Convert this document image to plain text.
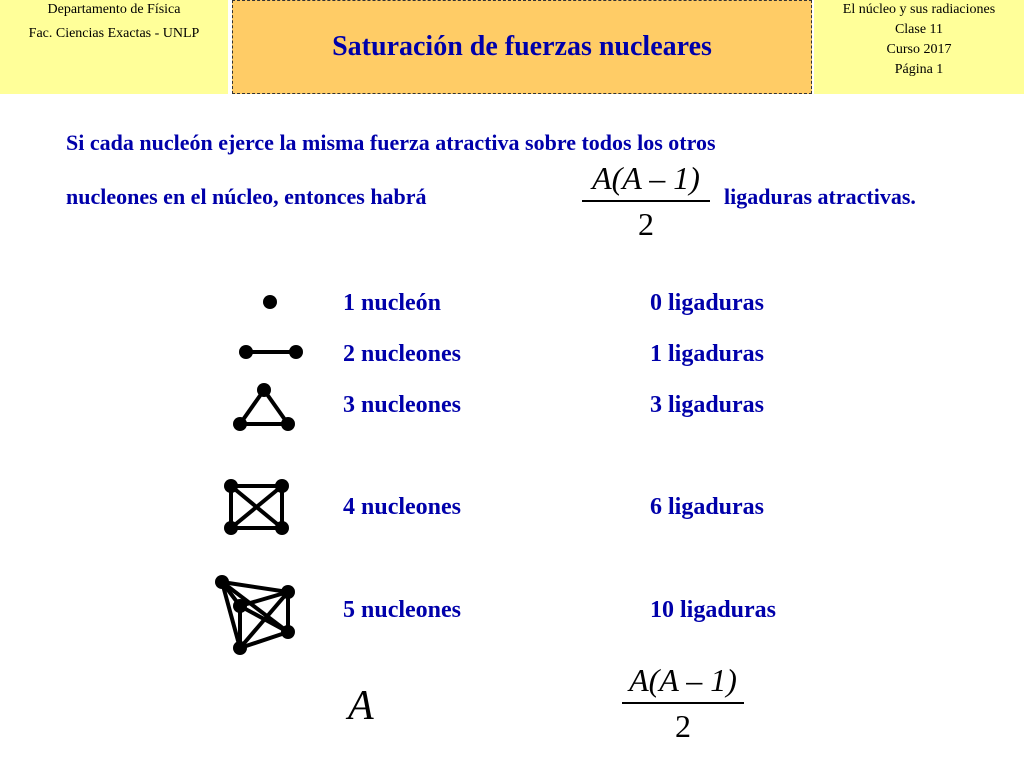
Departamento de Física
Fac. Ciencias Exactas - UNLP	Saturación de fuerzas nucleares
El núcleo y sus radiaciones
Clase 11
Curso 2017
Página 1
Si cada nucleón ejerce la misma fuerza atractiva sobre todos los otros
nucleones en el núcleo, entonces habrá	ligaduras atractivas.
A(A – 1)
2
1 nucleón	0 ligaduras
2 nucleones	1 ligaduras
3 nucleones	3 ligaduras
4 nucleones	6 ligaduras
5 nucleones	10 ligaduras
A
A(A – 1)
2
